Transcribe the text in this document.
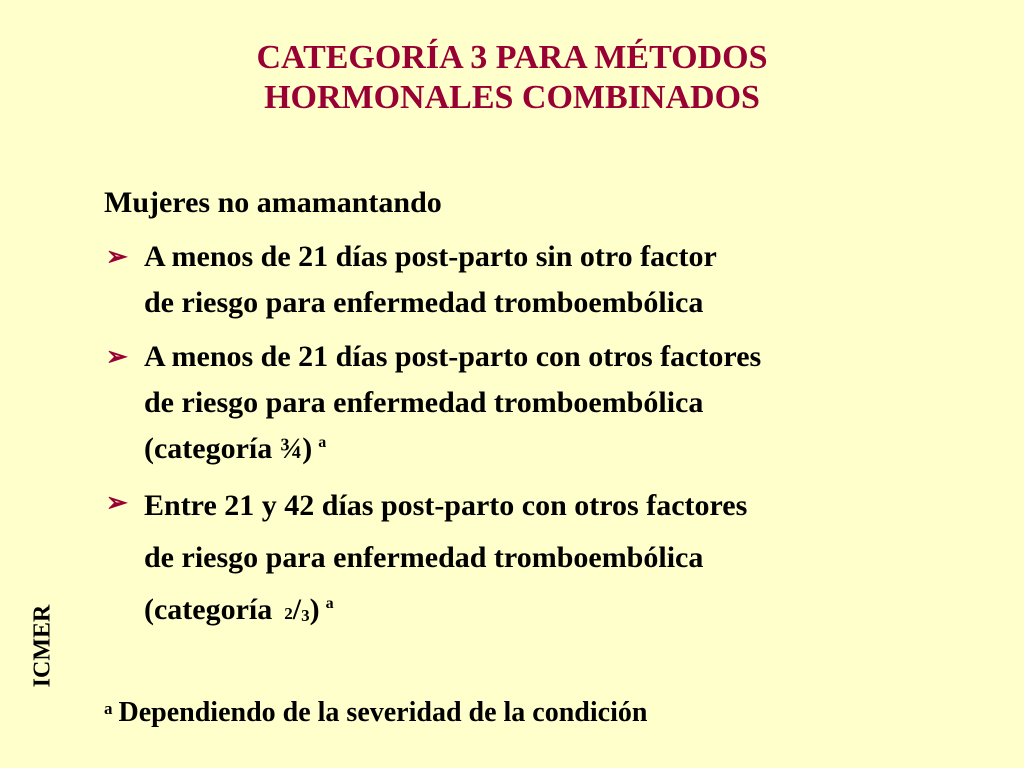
CATEGORÍA 3 PARA MÉTODOS
HORMONALES COMBINADOS
Mujeres no amamantando
➢ A menos de 21 días post-parto sin otro factor
de riesgo para enfermedad tromboembólica
➢ A menos de 21 días post-parto con otros factores
de riesgo para enfermedad tromboembólica
(categoría ¾) $^a$
➢ Entre 21 y 42 días post-parto con otros factores
de riesgo para enfermedad tromboembólica
(categoría $^2/_3$) $^a$
ICMER
$^a$ Dependiendo de la severidad de la condición
